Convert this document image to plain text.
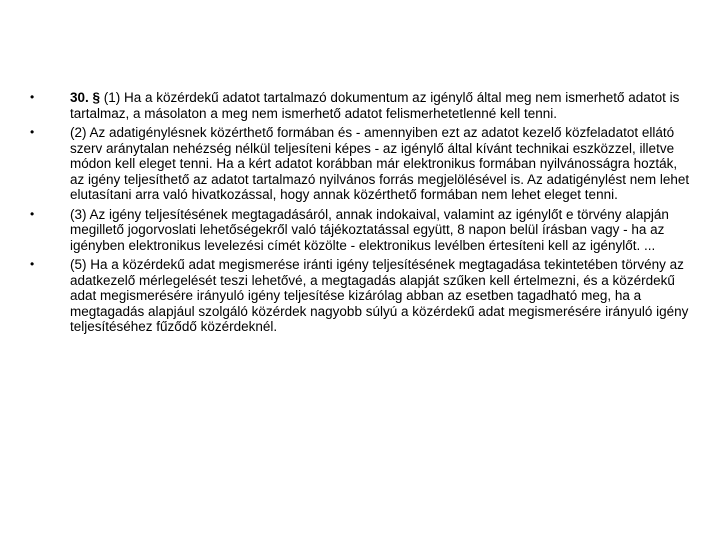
•	30. § (1) Ha a közérdekű adatot tartalmazó dokumentum az igénylő által meg nem ismerhető adatot is tartalmaz, a másolaton a meg nem ismerhető adatot felismerhetetlenné kell tenni.
•	(2) Az adatigénylésnek közérthető formában és - amennyiben ezt az adatot kezelő közfeladatot ellátó szerv aránytalan nehézség nélkül teljesíteni képes - az igénylő által kívánt technikai eszközzel, illetve módon kell eleget tenni. Ha a kért adatot korábban már elektronikus formában nyilvánosságra hozták, az igény teljesíthető az adatot tartalmazó nyilvános forrás megjelölésével is. Az adatigénylést nem lehet elutasítani arra való hivatkozással, hogy annak közérthető formában nem lehet eleget tenni.
•	(3) Az igény teljesítésének megtagadásáról, annak indokaival, valamint az igénylőt e törvény alapján megillető jogorvoslati lehetőségekről való tájékoztatással együtt, 8 napon belül írásban vagy - ha az igényben elektronikus levelezési címét közölte - elektronikus levélben értesíteni kell az igénylőt. ...
•	(5) Ha a közérdekű adat megismerése iránti igény teljesítésének megtagadása tekintetében törvény az adatkezelő mérlegelését teszi lehetővé, a megtagadás alapját szűken kell értelmezni, és a közérdekű adat megismerésére irányuló igény teljesítése kizárólag abban az esetben tagadható meg, ha a megtagadás alapjául szolgáló közérdek nagyobb súlyú a közérdekű adat megismerésére irányuló igény teljesítéséhez fűződő közérdeknél.
